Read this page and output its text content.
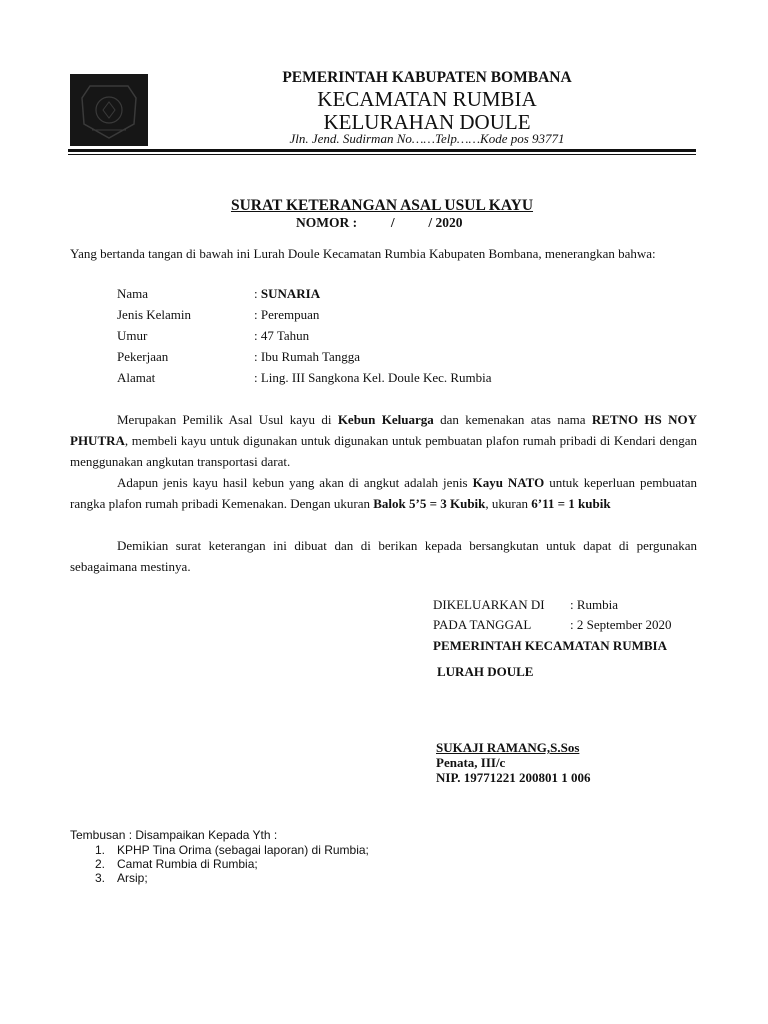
PEMERINTAH KABUPATEN BOMBANA
KECAMATAN RUMBIA
KELURAHAN DOULE
Jln. Jend. Sudirman No……Telp……Kode pos 93771
SURAT KETERANGAN ASAL USUL KAYU
NOMOR :          /          / 2020
Yang bertanda tangan di bawah ini Lurah Doule Kecamatan Rumbia Kabupaten Bombana, menerangkan bahwa:
Nama	: SUNARIA
Jenis Kelamin	: Perempuan
Umur	: 47 Tahun
Pekerjaan	: Ibu Rumah Tangga
Alamat	: Ling. III Sangkona Kel. Doule Kec. Rumbia
Merupakan Pemilik Asal Usul kayu di Kebun Keluarga dan kemenakan atas nama RETNO HS NOY PHUTRA, membeli kayu untuk digunakan untuk digunakan untuk pembuatan plafon rumah pribadi di Kendari dengan menggunakan angkutan transportasi darat.
Adapun jenis kayu hasil kebun yang akan di angkut adalah jenis Kayu NATO untuk keperluan pembuatan rangka plafon rumah pribadi Kemenakan. Dengan ukuran Balok 5’5 = 3 Kubik, ukuran 6’11 = 1 kubik
Demikian surat keterangan ini dibuat dan di berikan kepada bersangkutan untuk dapat di pergunakan sebagaimana mestinya.
DIKELUARKAN DI : Rumbia
PADA TANGGAL	: 2 September 2020
PEMERINTAH KECAMATAN RUMBIA
LURAH DOULE
SUKAJI RAMANG,S.Sos
Penata, III/c
NIP. 19771221 200801 1 006
Tembusan : Disampaikan Kepada Yth :
1. KPHP Tina Orima (sebagai laporan) di Rumbia;
2. Camat Rumbia di Rumbia;
3. Arsip;
